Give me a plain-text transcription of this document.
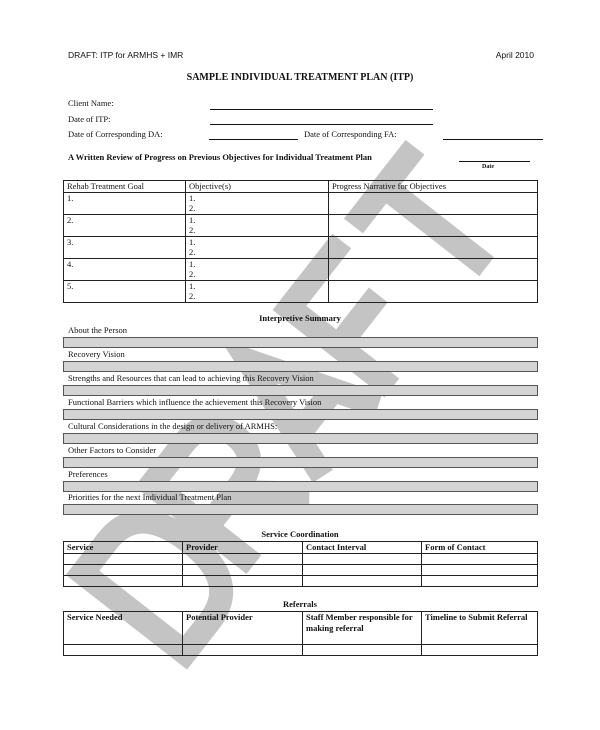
DRAFT: ITP for ARMHS + IMR	April 2010
SAMPLE INDIVIDUAL TREATMENT PLAN (ITP)
Client Name:
Date of ITP:
Date of Corresponding DA:	Date of Corresponding FA:
A Written Review of Progress on Previous Objectives for Individual Treatment Plan
Date
Rehab Treatment Goal	Objective(s)	Progress Narrative for Objectives
1.	1.
2.	

2.	1.
2.	

3.	1.
2.	

4.	1.
2.	

5.	1.
2.	

Interpretive Summary
About the Person
Recovery Vision
Strengths and Resources that can lead to achieving this Recovery Vision
Functional Barriers which influence the achievement this Recovery Vision
Cultural Considerations in the design or delivery of ARMHS:
Other Factors to Consider
Preferences
Priorities for the next Individual Treatment Plan
Service Coordination
Service	Provider	Contact Interval	Form of Contact

Referrals
Service Needed	Potential Provider	Staff Member responsible for making referral	Timeline to Submit Referral
